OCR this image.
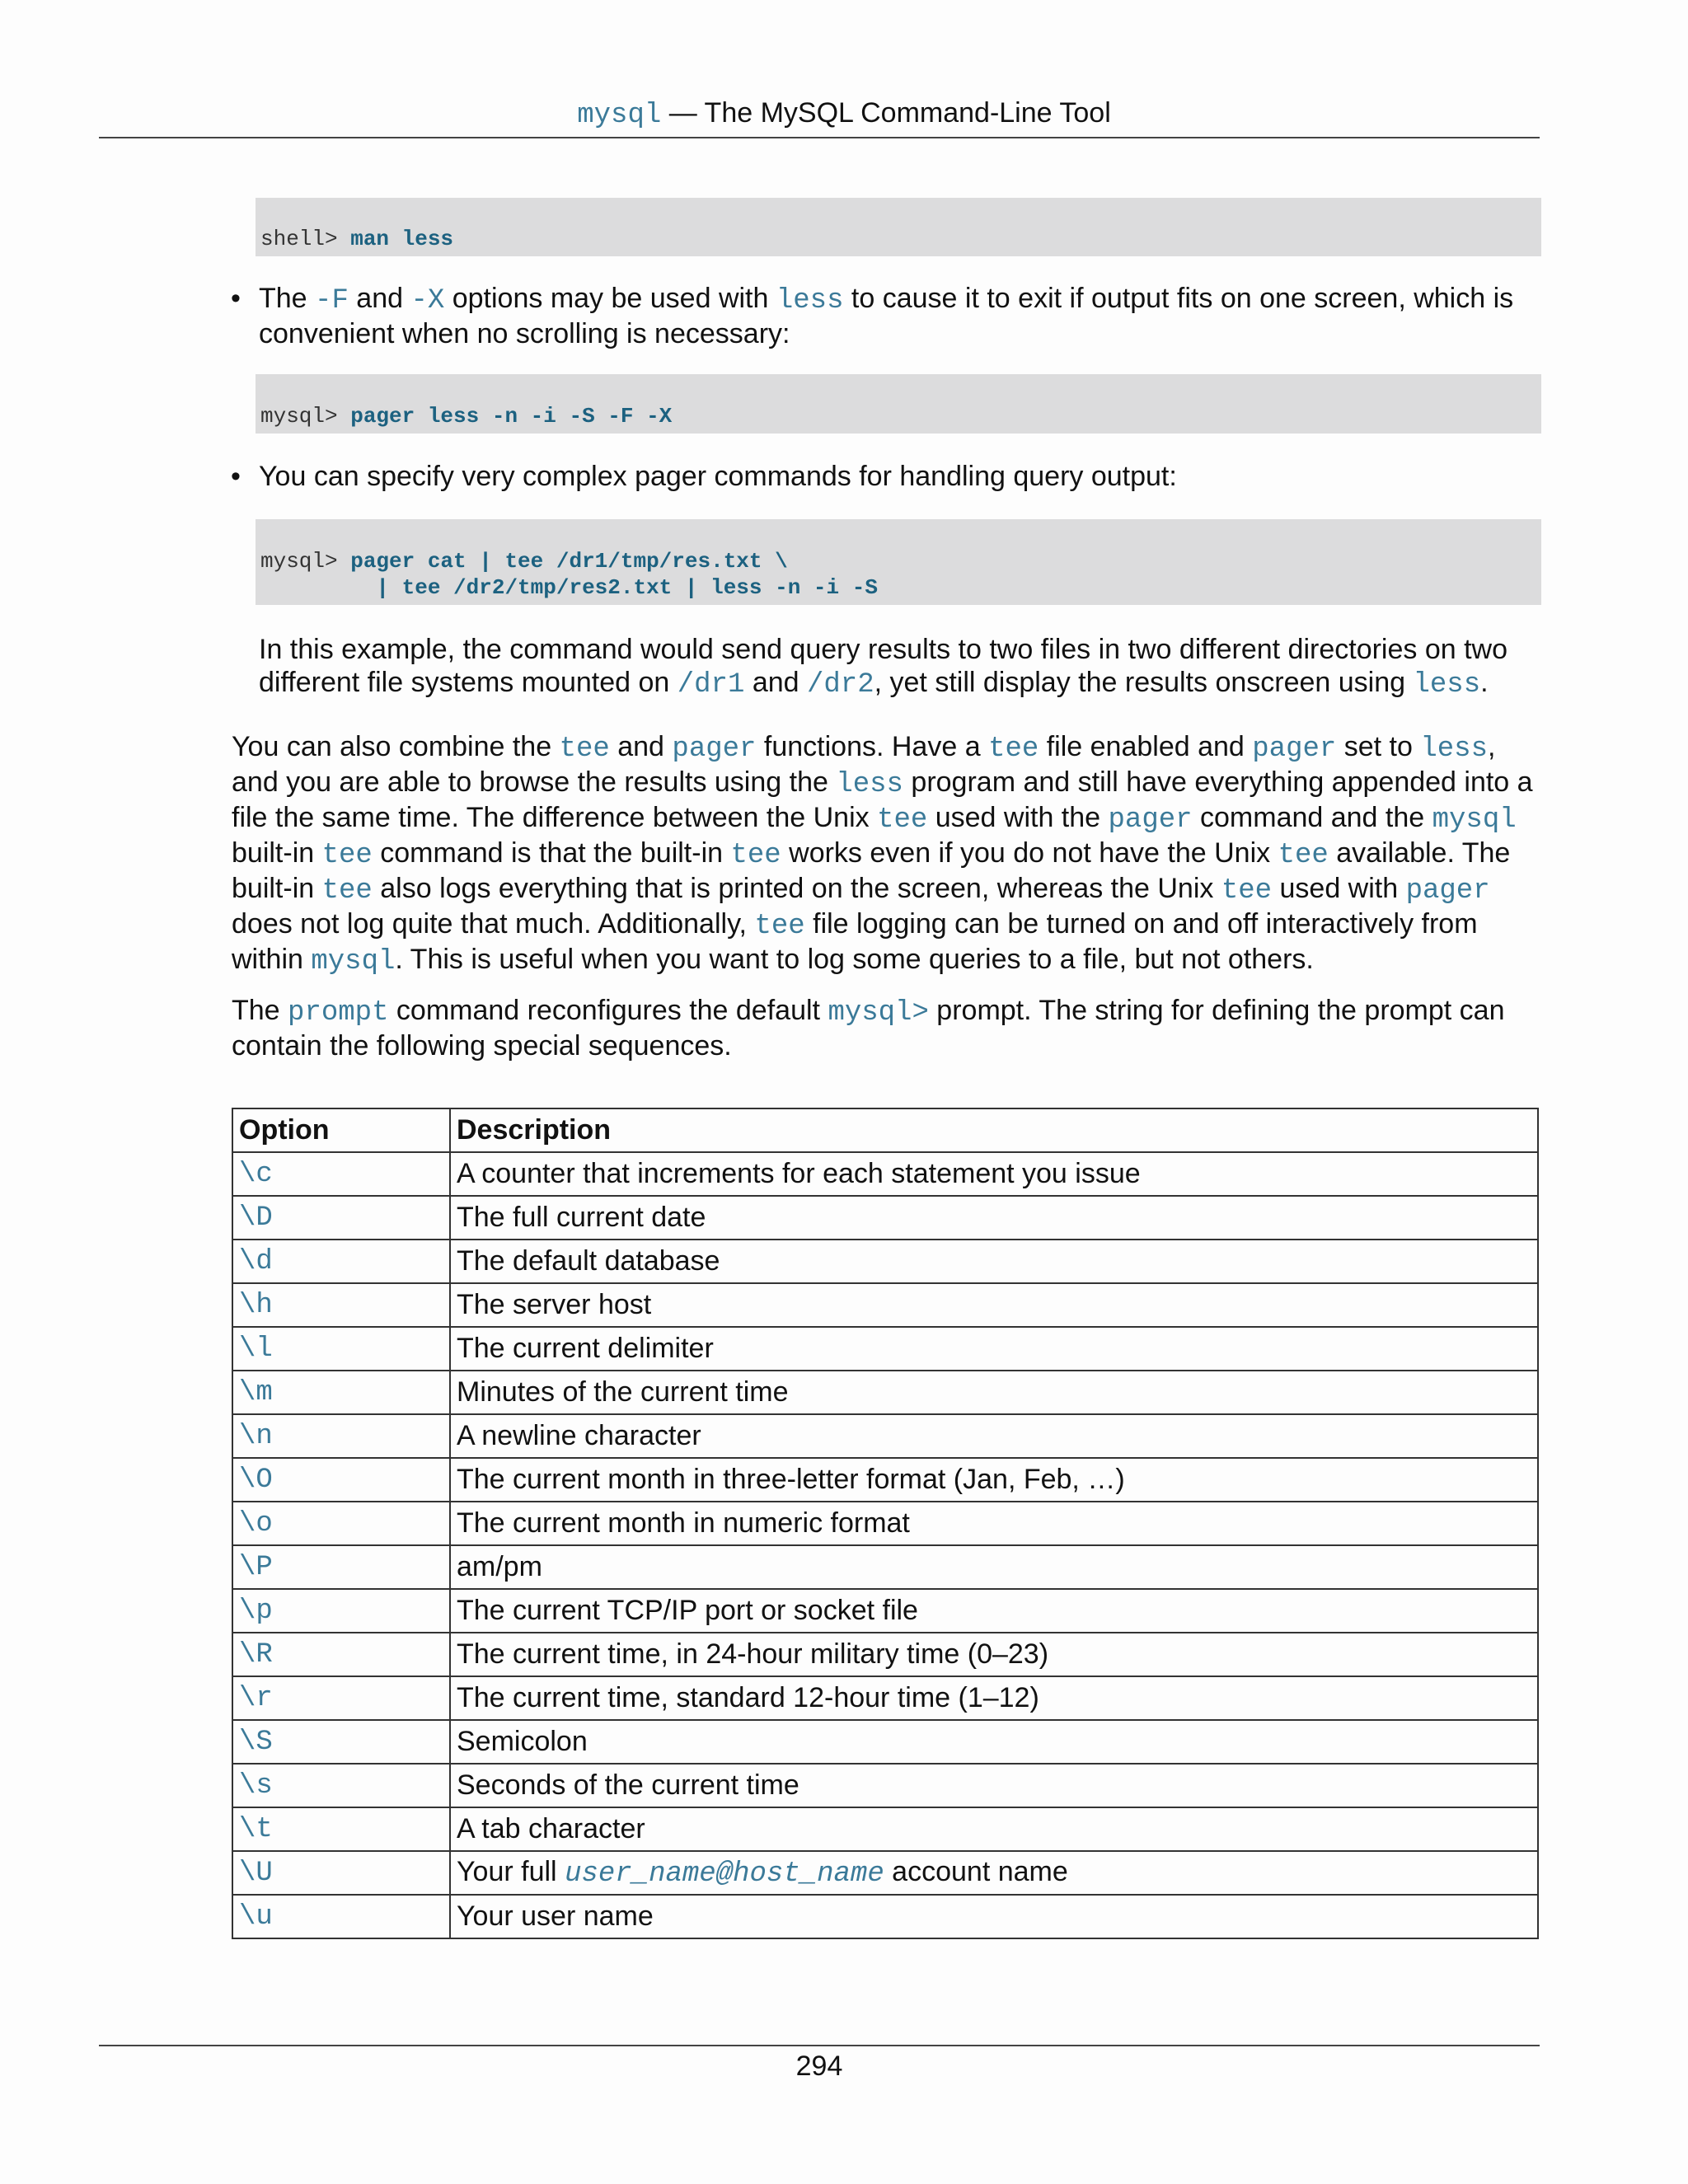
mysql — The MySQL Command-Line Tool
shell> man less
• The -F and -X options may be used with less to cause it to exit if output fits on one screen, which is convenient when no scrolling is necessary:

mysql> pager less -n -i -S -F -X
• You can specify very complex pager commands for handling query output:

mysql> pager cat | tee /dr1/tmp/res.txt \
| tee /dr2/tmp/res2.txt | less -n -i -S

In this example, the command would send query results to two files in two different directories on two different file systems mounted on /dr1 and /dr2, yet still display the results onscreen using less.

You can also combine the tee and pager functions. Have a tee file enabled and pager set to less, and you are able to browse the results using the less program and still have everything appended into a file the same time. The difference between the Unix tee used with the pager command and the mysql built-in tee command is that the built-in tee works even if you do not have the Unix tee available. The built-in tee also logs everything that is printed on the screen, whereas the Unix tee used with pager does not log quite that much. Additionally, tee file logging can be turned on and off interactively from within mysql. This is useful when you want to log some queries to a file, but not others.

The prompt command reconfigures the default mysql> prompt. The string for defining the prompt can contain the following special sequences.

Option	Description
\c	A counter that increments for each statement you issue
\D	The full current date
\d	The default database
\h	The server host
\l	The current delimiter
\m	Minutes of the current time
\n	A newline character
\O	The current month in three-letter format (Jan, Feb, …)
\o	The current month in numeric format
\P	am/pm
\p	The current TCP/IP port or socket file
\R	The current time, in 24-hour military time (0–23)
\r	The current time, standard 12-hour time (1–12)
\S	Semicolon
\s	Seconds of the current time
\t	A tab character
\U	Your full user_name@host_name account name
\u	Your user name
294
